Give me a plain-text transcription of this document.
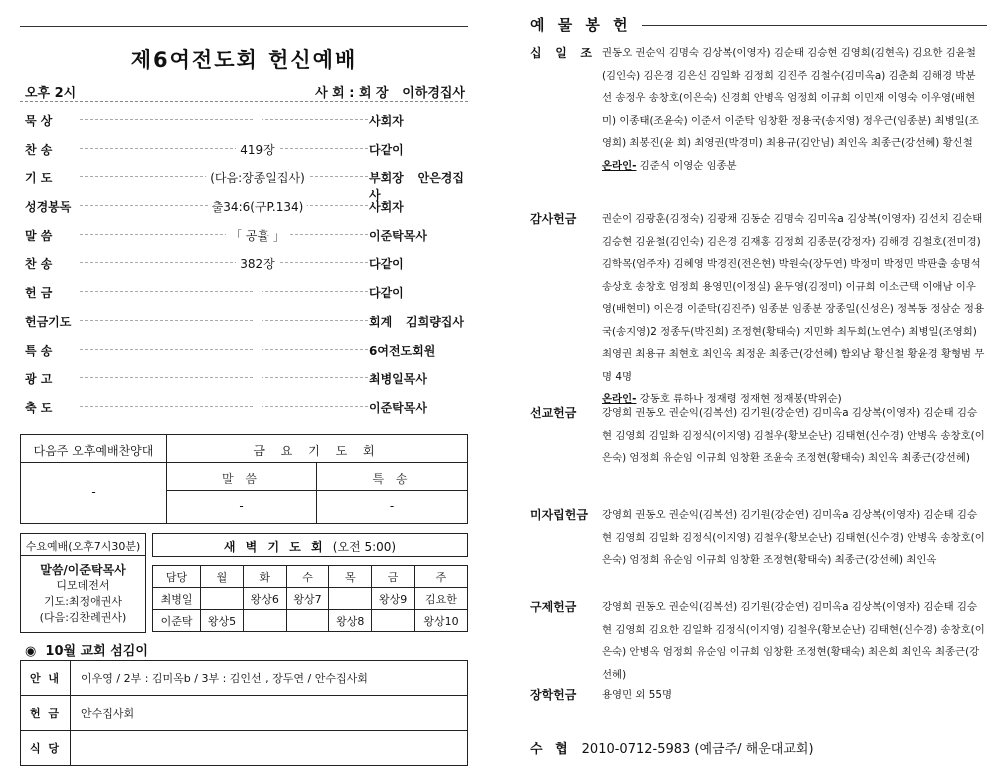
제6여전도회 헌신예배
오후 2시	사 회 : 회 장 이하경집사
묵 상	사회자
찬 송	419장	다같이
기 도	(다음:장종일집사)	부회장 안은경집사
성경봉독	출34:6(구P.134)	사회자
말 씀	「 공휼 」	이준탁목사
찬 송	382장	다같이
헌 금	다같이
헌금기도	회계 김희량집사
특 송	6여전도회원
광 고	최병일목사
축 도	이준탁목사
다음주 오후예배찬양대
-
금 요 기 도 회
말 씀	특 송
-	-
수요예배(오후7시30분)
말씀/이준탁목사
디모데전서
기도:최정애권사
(다음:김찬례권사)
새 벽 기 도 회 (오전 5:00)
담당	월	화	수	목	금	주
최병일		왕상6	왕상7		왕상9	김요한
이준탁	왕상5			왕상8		왕상10
◉ 10월 교회 섬김이
안 내	이우영 / 2부 : 김미옥b / 3부 : 김인선 , 장두연 / 안수집사회
헌 금	안수집사회
식 당	
예 물 봉 헌
십 일 조 권동오 권순익 김명숙 김상복(이영자) 김순태 김승현 김영희(김현옥) 김요한 김윤철(김인숙) 김은경 김은신 김일화 김정희 김진주 김철수(김미옥a) 김춘희 김해경 박분선 송정우 송창호(이은숙) 신경희 안병옥 엄정희 이규희 이민재 이영숙 이우영(배현미) 이종태(조윤숙) 이준서 이준탁 임창환 정용국(송지영) 정우근(임종분) 최병일(조영희) 최봉진(윤 희) 최영권(박경미) 최용규(김안님) 최인옥 최종근(강선혜) 황신철
온라인- 김준식 이영순 임종분
감사헌금	권순이 김광훈(김정숙) 김광채 김동순 김명숙 김미옥a 김상복(이영자) 김선치 김순태 김승현 김윤철(김인숙) 김은경 김재홍 김정희 김종문(강정자) 김해경 김철호(전미경) 김학목(엄주자) 김혜영 박경진(전은현) 박원숙(장두연) 박정미 박정민 박판출 송명석 송상호 송창호 엄정희 용영민(이정실) 윤두영(김정미) 이규희 이소근택 이애남 이우영(배현미) 이은경 이준탁(김진주) 임종분 임종분 장종일(신성은) 정복동 정삼순 정용국(송지영)2 정종두(박진희) 조정현(황태숙) 지민화 최두희(노연수) 최병일(조영희) 최영권 최용규 최현호 최인옥 최정운 최종근(강선혜) 함외남 황신철 황윤경 황형범 무명 4명
온라인- 강동호 류하나 정재령 정재현 정재봉(박위순)
선교헌금	강영희 권동오 권순익(김복선) 김기원(강순연) 김미옥a 김상복(이영자) 김순태 김승현 김영희 김일화 김정식(이지영) 김철우(황보순난) 김태현(신수경) 안병옥 송창호(이은숙) 엄정희 유순임 이규희 임창환 조윤숙 조정현(황태숙) 최인옥 최종근(강선혜)
미자립헌금	강영희 권동오 권순익(김복선) 김기원(강순연) 김미옥a 김상복(이영자) 김순태 김승현 김영희 김일화 김정식(이지영) 김철우(황보순난) 김태현(신수경) 안병옥 송창호(이은숙) 엄정희 유순임 이규희 임창환 조정현(황태숙) 최종근(강선혜) 최인옥
구제헌금	강영희 권동오 권순익(김복선) 김기원(강순연) 김미옥a 김상복(이영자) 김순태 김승현 김영희 김요한 김일화 김정식(이지영) 김철우(황보순난) 김태현(신수경) 송창호(이은숙) 안병옥 엄정희 유순임 이규희 임창환 조정현(황태숙) 최은희 최인옥 최종근(강선혜)
장학헌금	용영민 외 55명
수 협 2010-0712-5983 (예금주/ 해운대교회)
